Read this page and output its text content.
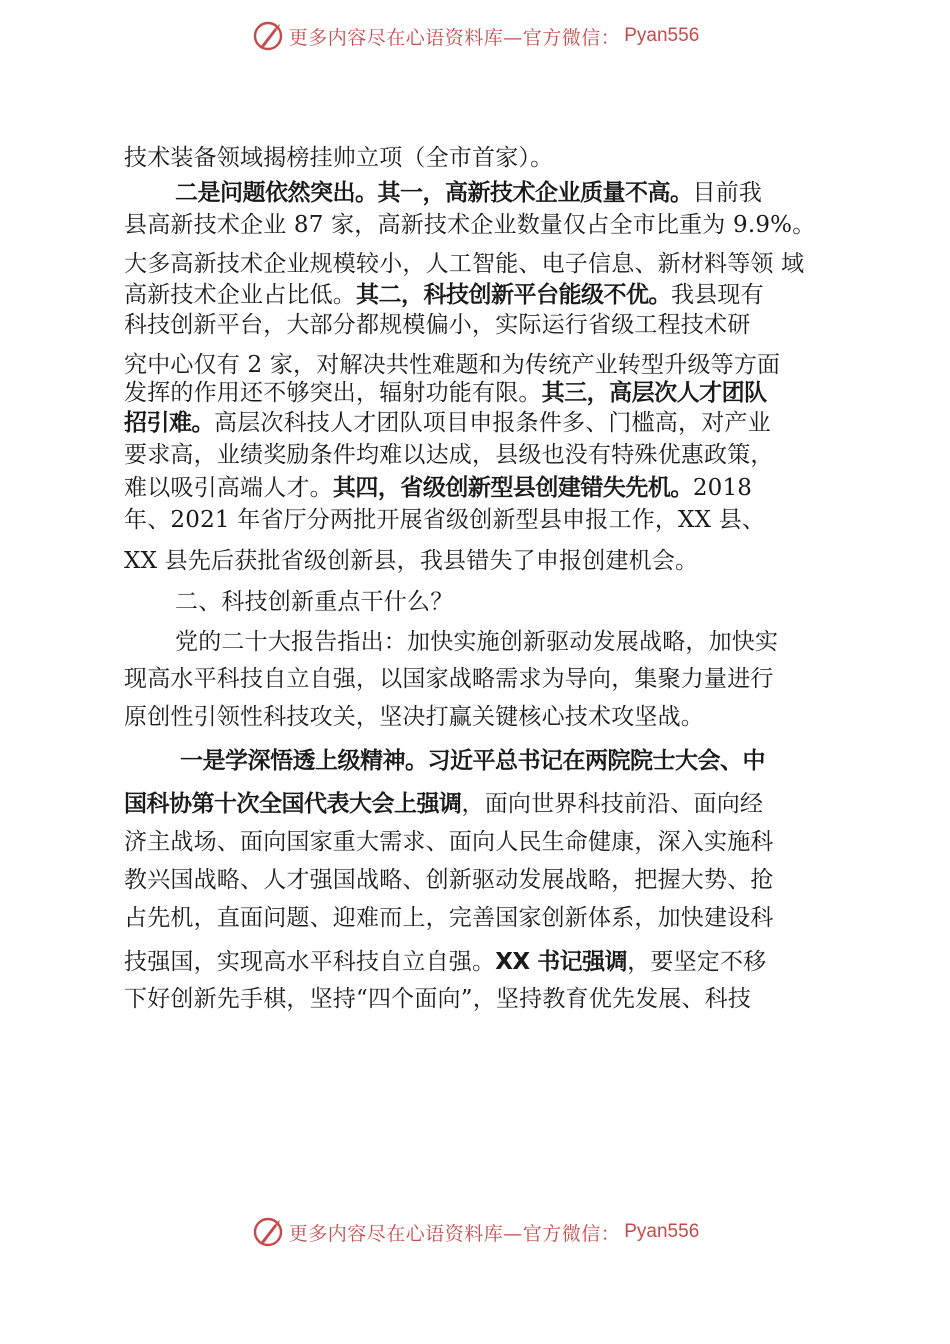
更多内容尽在心语资料库—官方微信： Pyan556
技术装备领域揭榜挂帅立项（全市首家）。
二是问题依然突出。其一，高新技术企业质量不高。目前我
县高新技术企业 87 家，高新技术企业数量仅占全市比重为 9.9%。
大多高新技术企业规模较小，人工智能、电子信息、新材料等领 域
高新技术企业占比低。其二，科技创新平台能级不优。我县现有
科技创新平台，大部分都规模偏小，实际运行省级工程技术研
究中心仅有 2 家，对解决共性难题和为传统产业转型升级等方面
发挥的作用还不够突出，辐射功能有限。其三，高层次人才团队
招引难。高层次科技人才团队项目申报条件多、门槛高，对产业
要求高，业绩奖励条件均难以达成，县级也没有特殊优惠政策，
难以吸引高端人才。其四，省级创新型县创建错失先机。2018
年、2021 年省厅分两批开展省级创新型县申报工作，XX 县、
XX 县先后获批省级创新县，我县错失了申报创建机会。
二、科技创新重点干什么？
党的二十大报告指出：加快实施创新驱动发展战略，加快实
现高水平科技自立自强，以国家战略需求为导向，集聚力量进行
原创性引领性科技攻关，坚决打赢关键核心技术攻坚战。
一是学深悟透上级精神。习近平总书记在两院院士大会、中
国科协第十次全国代表大会上强调，面向世界科技前沿、面向经
济主战场、面向国家重大需求、面向人民生命健康，深入实施科
教兴国战略、人才强国战略、创新驱动发展战略，把握大势、抢
占先机，直面问题、迎难而上，完善国家创新体系，加快建设科
技强国，实现高水平科技自立自强。XX 书记强调，要坚定不移
下好创新先手棋，坚持“四个面向”，坚持教育优先发展、科技
更多内容尽在心语资料库—官方微信： Pyan556
